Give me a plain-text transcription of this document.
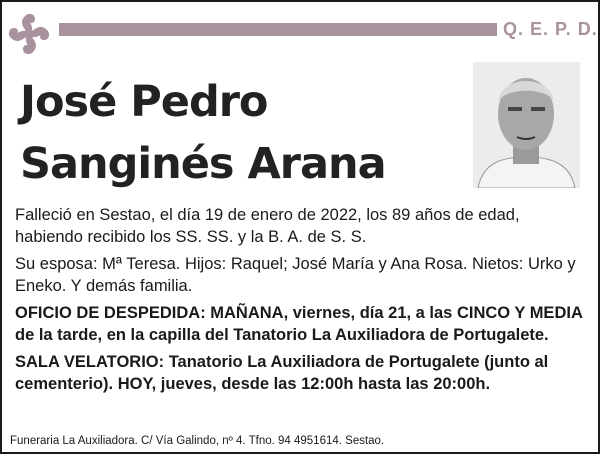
Q. E. P. D.
José Pedro
Sanginés Arana
Falleció en Sestao, el día 19 de enero de 2022, los 89 años de edad, habiendo recibido los SS. SS. y la B. A. de S. S.
Su esposa: Mª Teresa. Hijos: Raquel; José María y Ana Rosa. Nietos: Urko y Eneko. Y demás familia.
OFICIO DE DESPEDIDA: MAÑANA, viernes, día 21, a las CINCO Y MEDIA de la tarde, en la capilla del Tanatorio La Auxiliadora de Portugalete.
SALA VELATORIO: Tanatorio La Auxiliadora de Portugalete (junto al cementerio). HOY, jueves, desde las 12:00h hasta las 20:00h.
Funeraria La Auxiliadora. C/ Vía Galindo, nº 4. Tfno. 94 4951614. Sestao.
